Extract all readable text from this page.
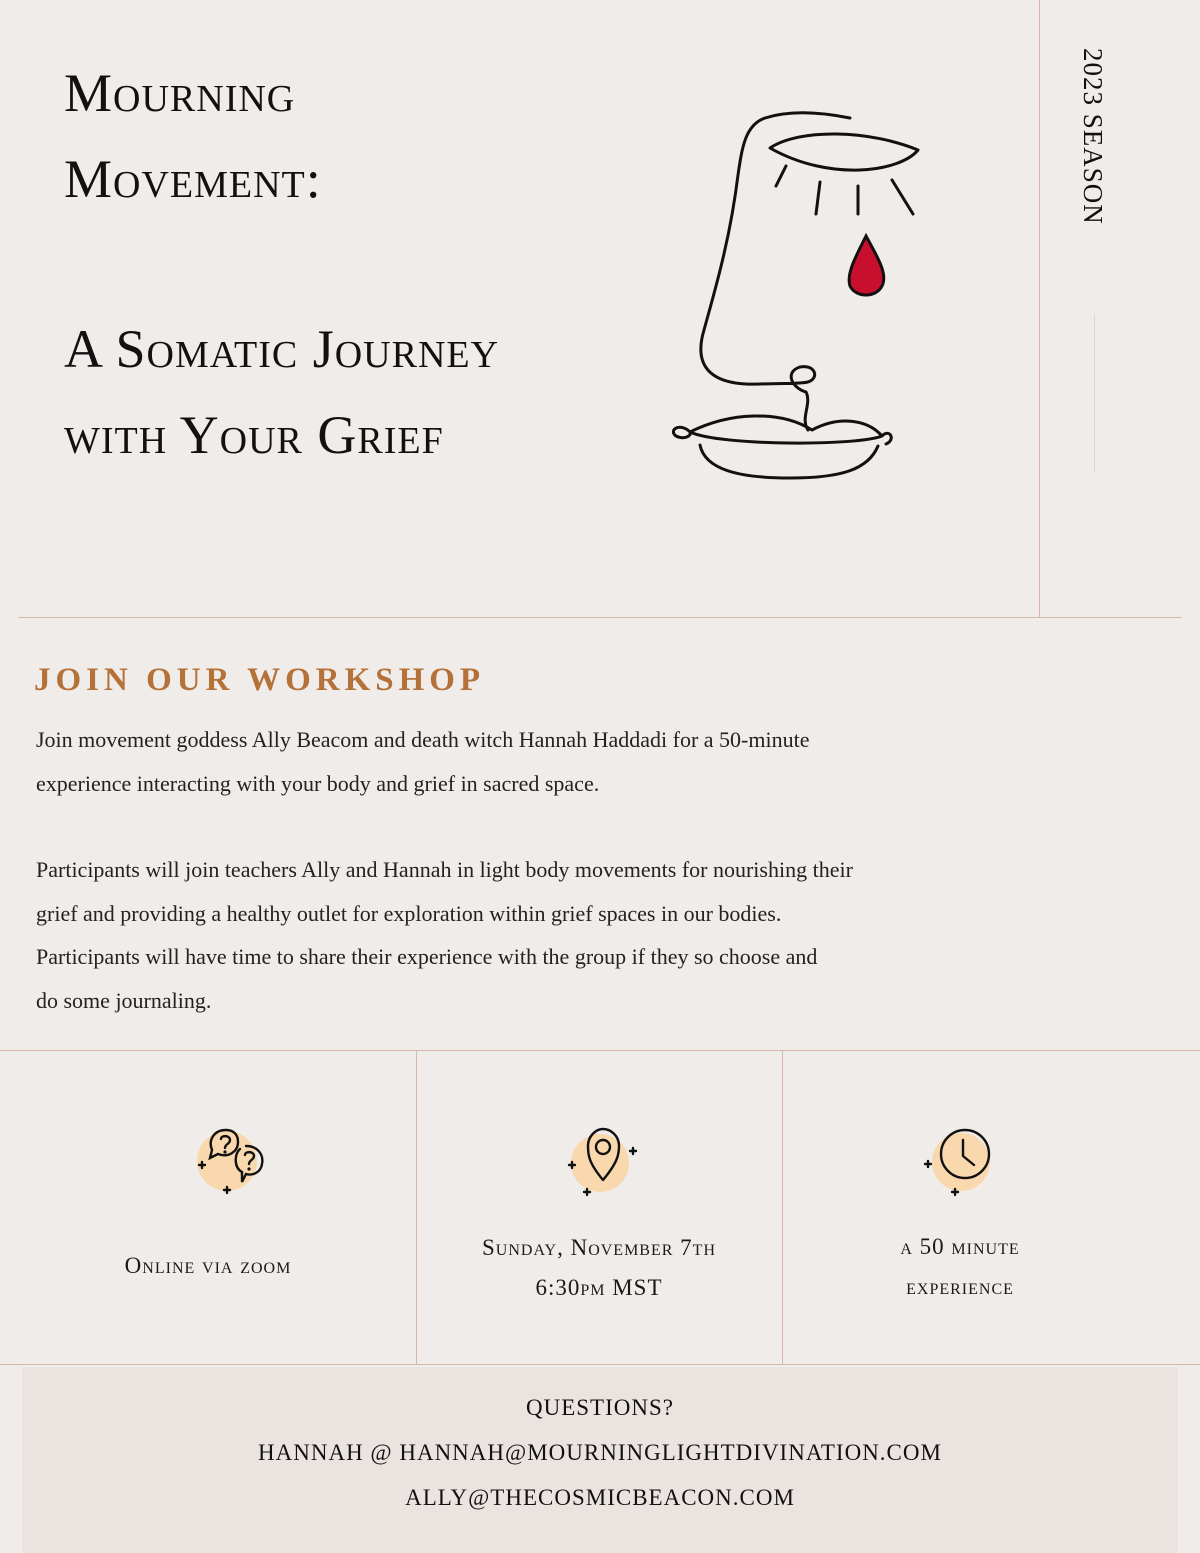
Mourning
Movement:
A Somatic Journey
with Your Grief
2023 SEASON
JOIN OUR WORKSHOP
Join movement goddess Ally Beacom and death witch Hannah Haddadi for a 50-minute
experience interacting with your body and grief in sacred space.
Participants will join teachers Ally and Hannah in light body movements for nourishing their
grief and providing a healthy outlet for exploration within grief spaces in our bodies.
Participants will have time to share their experience with the group if they so choose and
do some journaling.
Online via zoom
Sunday, November 7th
6:30pm MST
a 50 minute
experience
QUESTIONS?
HANNAH @ HANNAH@MOURNINGLIGHTDIVINATION.COM
ALLY@THECOSMICBEACON.COM
